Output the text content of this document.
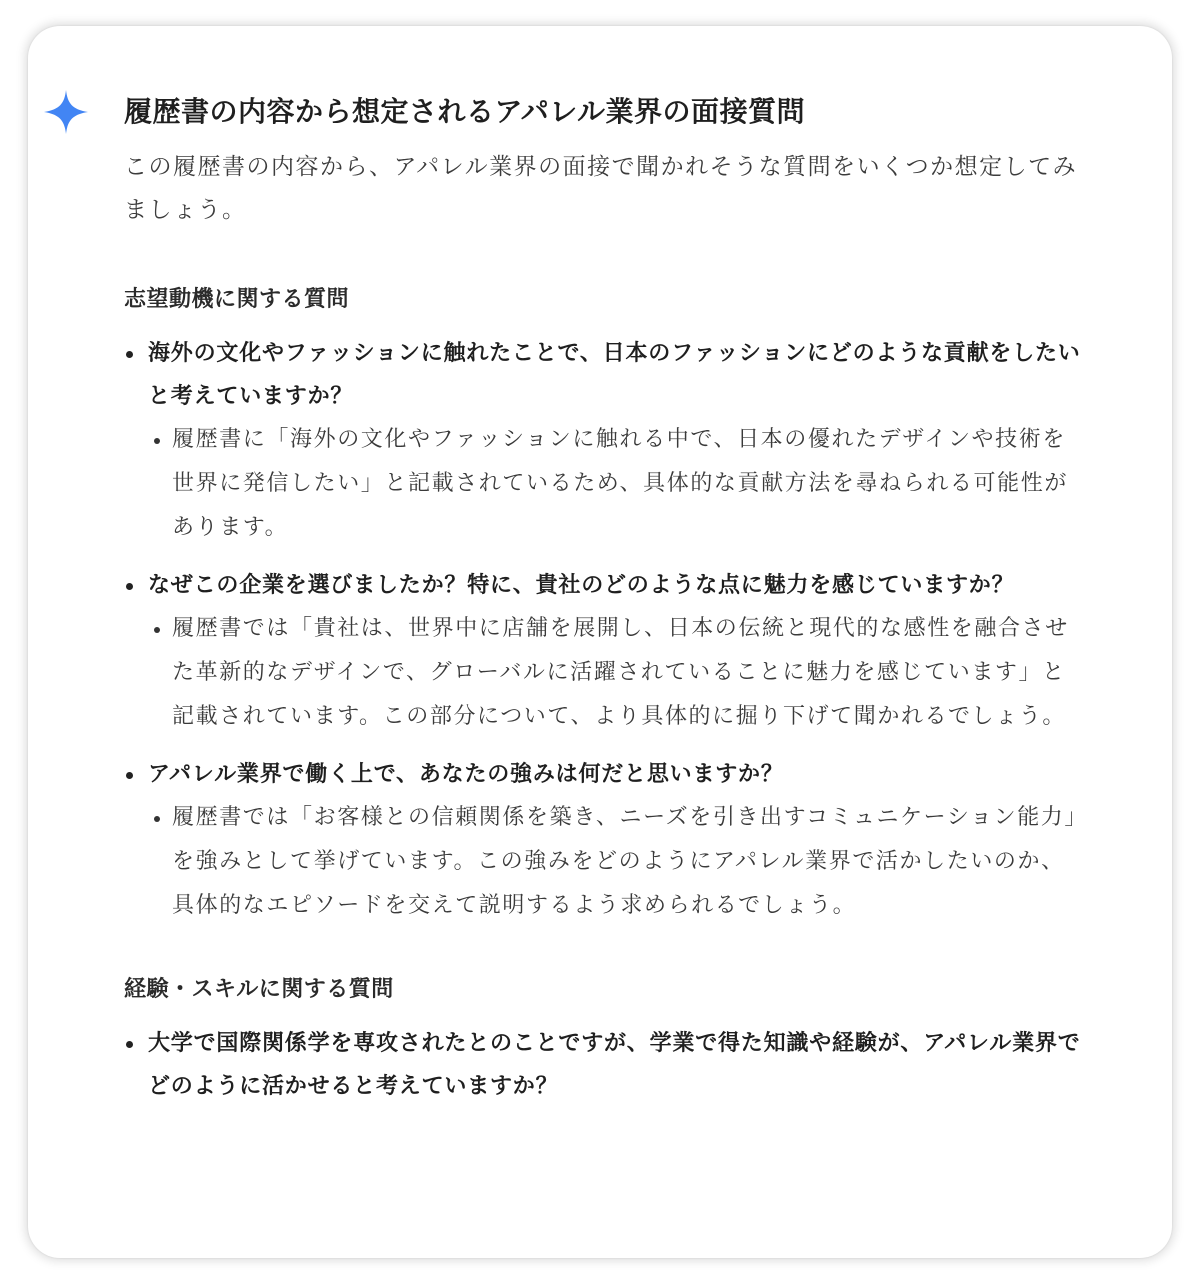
履歴書の内容から想定されるアパレル業界の面接質問

この履歴書の内容から、アパレル業界の面接で聞かれそうな質問をいくつか想定してみましょう。

志望動機に関する質問
海外の文化やファッションに触れたことで、日本のファッションにどのような貢献をしたいと考えていますか？
履歴書に「海外の文化やファッションに触れる中で、日本の優れたデザインや技術を世界に発信したい」と記載されているため、具体的な貢献方法を尋ねられる可能性があります。
なぜこの企業を選びましたか？特に、貴社のどのような点に魅力を感じていますか？
履歴書では「貴社は、世界中に店舗を展開し、日本の伝統と現代的な感性を融合させた革新的なデザインで、グローバルに活躍されていることに魅力を感じています」と記載されています。この部分について、より具体的に掘り下げて聞かれるでしょう。
アパレル業界で働く上で、あなたの強みは何だと思いますか？
履歴書では「お客様との信頼関係を築き、ニーズを引き出すコミュニケーション能力」を強みとして挙げています。この強みをどのようにアパレル業界で活かしたいのか、具体的なエピソードを交えて説明するよう求められるでしょう。
経験・スキルに関する質問
大学で国際関係学を専攻されたとのことですが、学業で得た知識や経験が、アパレル業界でどのように活かせると考えていますか？
